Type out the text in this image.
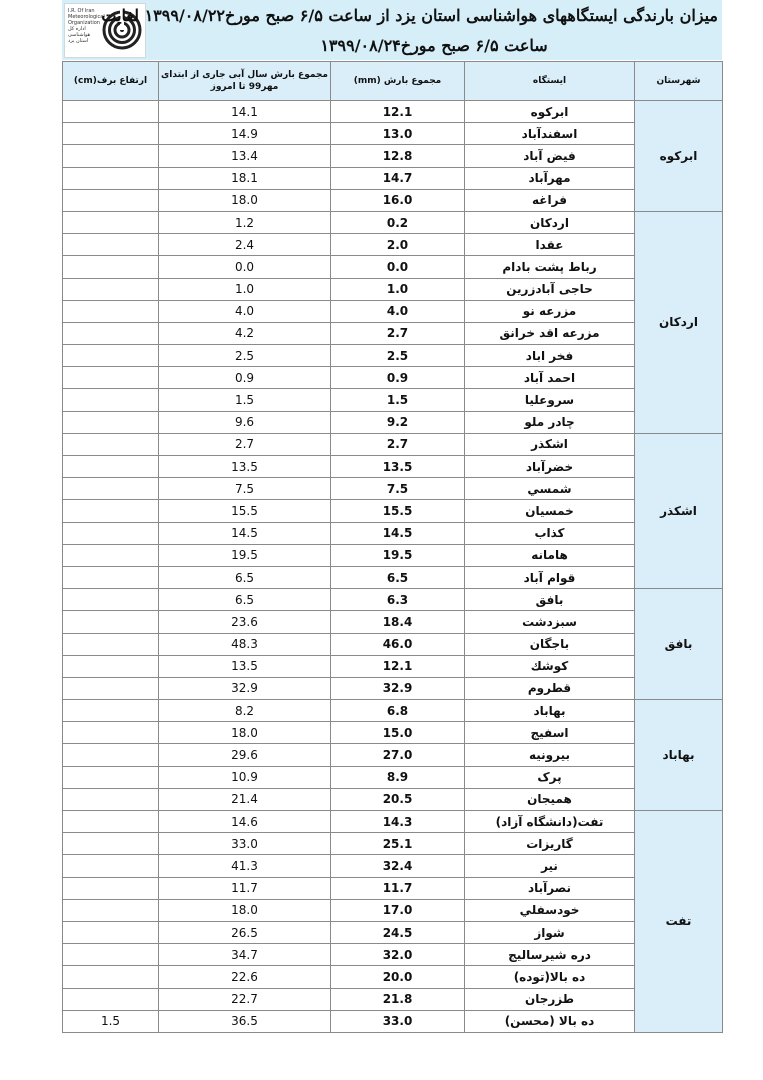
I.R. Of Iran Meteorological Organization اداره کل هواشناسی استان یزد
میزان بارندگی ایستگاههای هواشناسی استان یزد از ساعت ۶/۵ صبح مورخ۱۳۹۹/۰۸/۲۲ لغایت
ساعت ۶/۵ صبح مورخ۱۳۹۹/۰۸/۲۴
ارتفاع برف(cm)	مجموع بارش سال آبی جاری از ابتدای مهر99 تا امروز	مجموع بارش (mm)	ایستگاه	شهرستان
	14.1	12.1	ابرکوه	ابرکوه
	14.9	13.0	اسفندآباد	
	13.4	12.8	فیض آباد	
	18.1	14.7	مهرآباد	
	18.0	16.0	فراغه	
	1.2	0.2	اردکان	اردکان
	2.4	2.0	عقدا	
	0.0	0.0	رباط پشت بادام	
	1.0	1.0	حاجی آبادزرین	
	4.0	4.0	مزرعه نو	
	4.2	2.7	مزرعه اقد خرانق	
	2.5	2.5	فخر اباد	
	0.9	0.9	احمد آباد	
	1.5	1.5	سروعليا	
	9.6	9.2	چادر ملو	
	2.7	2.7	اشکذر	اشکذر
	13.5	13.5	خضرآباد	
	7.5	7.5	شمسي	
	15.5	15.5	خمسیان	
	14.5	14.5	کذاب	
	19.5	19.5	هامانه	
	6.5	6.5	قوام آباد	
	6.5	6.3	بافق	بافق
	23.6	18.4	سبزدشت	
	48.3	46.0	باجگان	
	13.5	12.1	کوشك	
	32.9	32.9	قطروم	
	8.2	6.8	بهاباد	بهاباد
	18.0	15.0	اسفیج	
	29.6	27.0	بيرونيه	
	10.9	8.9	پرک	
	21.4	20.5	همیجان	
	14.6	14.3	تفت(دانشگاه آزاد)	تفت
	33.0	25.1	گاريزات	
	41.3	32.4	نیر	
	11.7	11.7	نصرآباد	
	18.0	17.0	خودسفلي	
	26.5	24.5	شواز	
	34.7	32.0	دره شیرسالیج	
	22.6	20.0	ده بالا(توده)	
	22.7	21.8	طزرجان	
1.5	36.5	33.0	ده بالا (محسن)	
